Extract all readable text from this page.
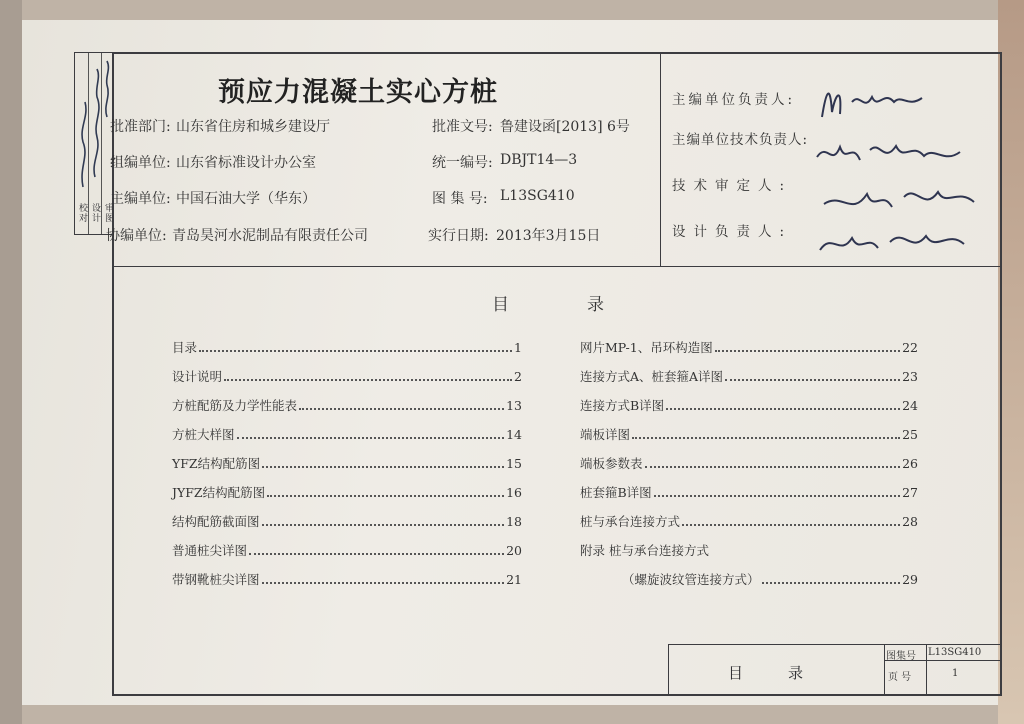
校对 设计 审图
预应力混凝土实心方桩
批准部门: 山东省住房和城乡建设厅
组编单位: 山东省标准设计办公室
主编单位: 中国石油大学（华东）
协编单位: 青岛昊河水泥制品有限责任公司
批准文号: 鲁建设函[2013] 6号
统一编号: DBJT14—3
图 集 号: L13SG410
实行日期: 2013年3月15日
主编单位负责人:
主编单位技术负责人:
技术审定人:
设计负责人:
目	录
目录	1
设计说明	2
方桩配筋及力学性能表	13
方桩大样图	14
YFZ结构配筋图	15
JYFZ结构配筋图	16
结构配筋截面图	18
普通桩尖详图	20
带钢靴桩尖详图	21
网片MP-1、吊环构造图	22
连接方式A、桩套箍A详图	23
连接方式B详图	24
端板详图	25
端板参数表	26
桩套箍B详图	27
桩与承台连接方式	28
附录 桩与承台连接方式
（螺旋波纹管连接方式）	29
目	录
图集号 L13SG410
页 号	1
